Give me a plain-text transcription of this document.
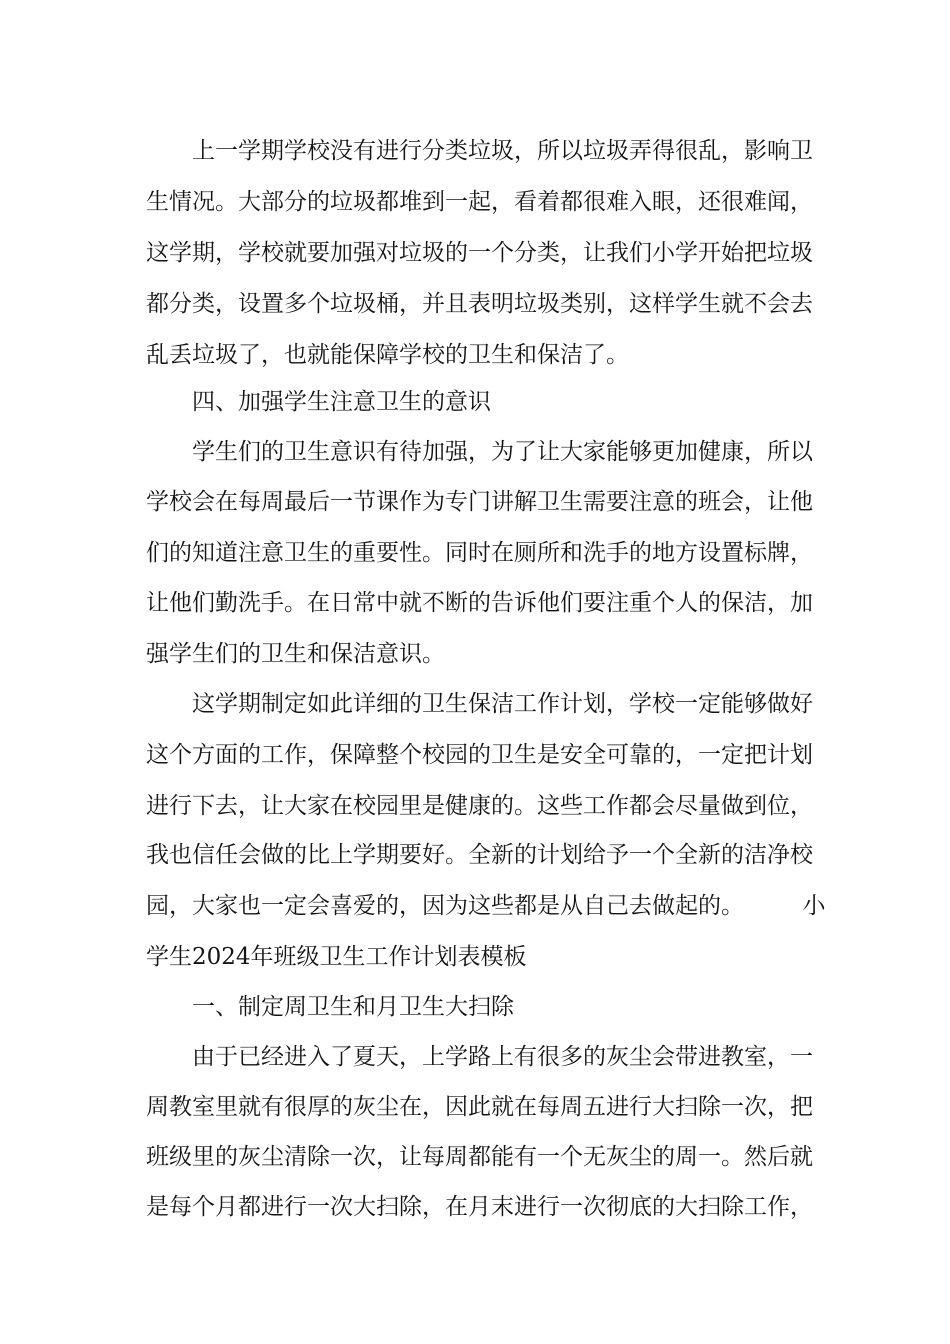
上一学期学校没有进行分类垃圾，所以垃圾弄得很乱，影响卫
生情况。大部分的垃圾都堆到一起，看着都很难入眼，还很难闻，
这学期，学校就要加强对垃圾的一个分类，让我们小学开始把垃圾
都分类，设置多个垃圾桶，并且表明垃圾类别，这样学生就不会去
乱丢垃圾了，也就能保障学校的卫生和保洁了。
四、加强学生注意卫生的意识
学生们的卫生意识有待加强，为了让大家能够更加健康，所以
学校会在每周最后一节课作为专门讲解卫生需要注意的班会，让他
们的知道注意卫生的重要性。同时在厕所和洗手的地方设置标牌，
让他们勤洗手。在日常中就不断的告诉他们要注重个人的保洁，加
强学生们的卫生和保洁意识。
这学期制定如此详细的卫生保洁工作计划，学校一定能够做好
这个方面的工作，保障整个校园的卫生是安全可靠的，一定把计划
进行下去，让大家在校园里是健康的。这些工作都会尽量做到位，
我也信任会做的比上学期要好。全新的计划给予一个全新的洁净校
园，大家也一定会喜爱的，因为这些都是从自己去做起的。        小
学生2024年班级卫生工作计划表模板
一、制定周卫生和月卫生大扫除
由于已经进入了夏天，上学路上有很多的灰尘会带进教室，一
周教室里就有很厚的灰尘在，因此就在每周五进行大扫除一次，把
班级里的灰尘清除一次，让每周都能有一个无灰尘的周一。然后就
是每个月都进行一次大扫除，在月末进行一次彻底的大扫除工作，
